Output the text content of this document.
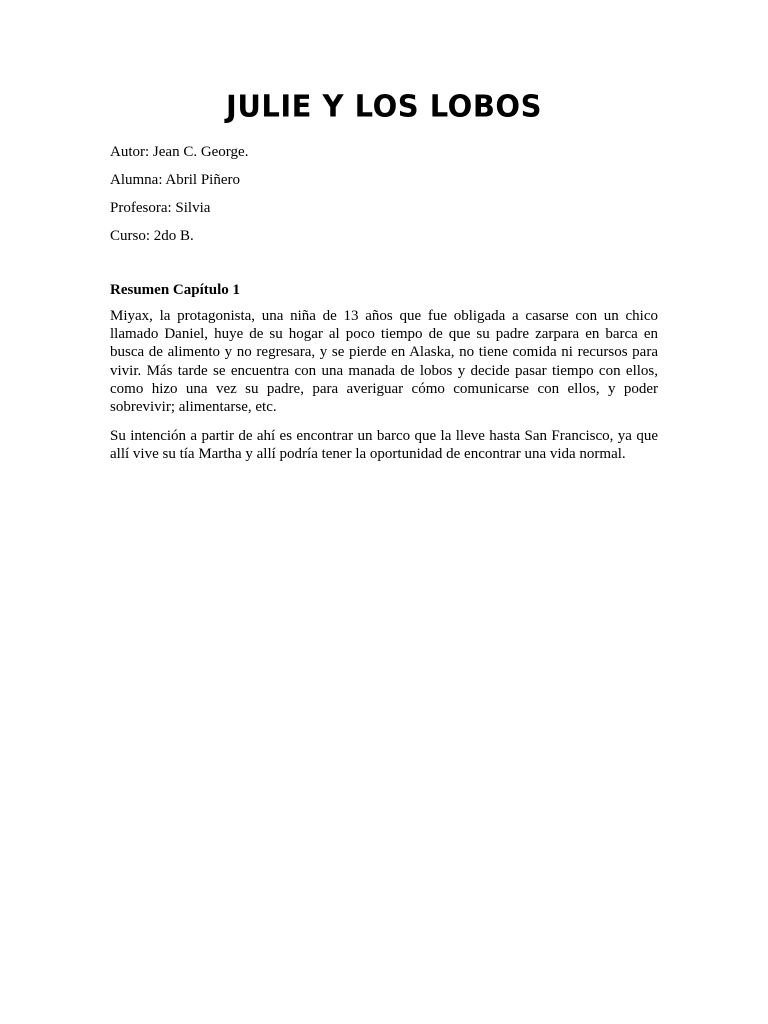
JULIE Y LOS LOBOS
Autor: Jean C. George.
Alumna: Abril Piñero
Profesora: Silvia
Curso: 2do B.
Resumen Capítulo 1

Miyax, la protagonista, una niña de 13 años que fue obligada a casarse con un chico llamado Daniel, huye de su hogar al poco tiempo de que su padre zarpara en barca en busca de alimento y no regresara, y se pierde en Alaska, no tiene comida ni recursos para vivir. Más tarde se encuentra con una manada de lobos y decide pasar tiempo con ellos, como hizo una vez su padre, para averiguar cómo comunicarse con ellos, y poder sobrevivir; alimentarse, etc.

Su intención a partir de ahí es encontrar un barco que la lleve hasta San Francisco, ya que allí vive su tía Martha y allí podría tener la oportunidad de encontrar una vida normal.
